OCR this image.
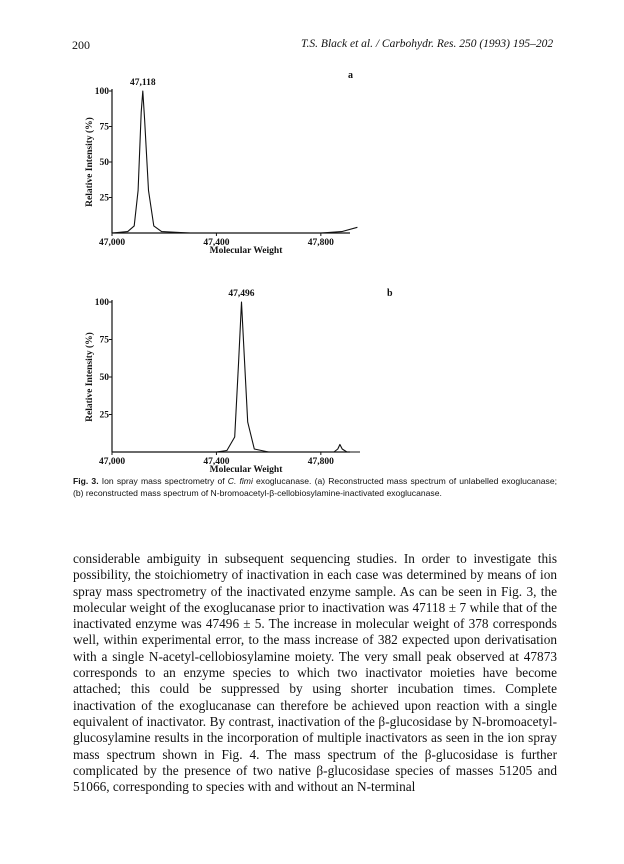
200	T.S. Black et al. / Carbohydr. Res. 250 (1993) 195–202
100
75
50
25
47,000	47,400	47,800
47,118
a
Molecular Weight
Relative Intensity (%)
100
75
50
25
47,000	47,400	47,800
47,496	b
Molecular Weight
Relative Intensity (%)
Fig. 3. Ion spray mass spectrometry of C. fimi exoglucanase. (a) Reconstructed mass spectrum of unlabelled exoglucanase; (b) reconstructed mass spectrum of N-bromoacetyl-β-cellobiosylamine-inactivated exoglucanase.
considerable ambiguity in subsequent sequencing studies. In order to investigate this possibility, the stoichiometry of inactivation in each case was determined by means of ion spray mass spectrometry of the inactivated enzyme sample. As can be seen in Fig. 3, the molecular weight of the exoglucanase prior to inactivation was 47118 ± 7 while that of the inactivated enzyme was 47496 ± 5. The increase in molecular weight of 378 corresponds well, within experimental error, to the mass increase of 382 expected upon derivatisation with a single N-acetyl-cellobiosylamine moiety. The very small peak observed at 47873 corresponds to an enzyme species to which two inactivator moieties have become attached; this could be suppressed by using shorter incubation times. Complete inactivation of the exoglucanase can therefore be achieved upon reaction with a single equivalent of inactivator. By contrast, inactivation of the β-glucosidase by N-bromoacetyl-glucosylamine results in the incorporation of multiple inactivators as seen in the ion spray mass spectrum shown in Fig. 4. The mass spectrum of the β-glucosidase is further complicated by the presence of two native β-glucosidase species of masses 51205 and 51066, corresponding to species with and without an N-terminal
